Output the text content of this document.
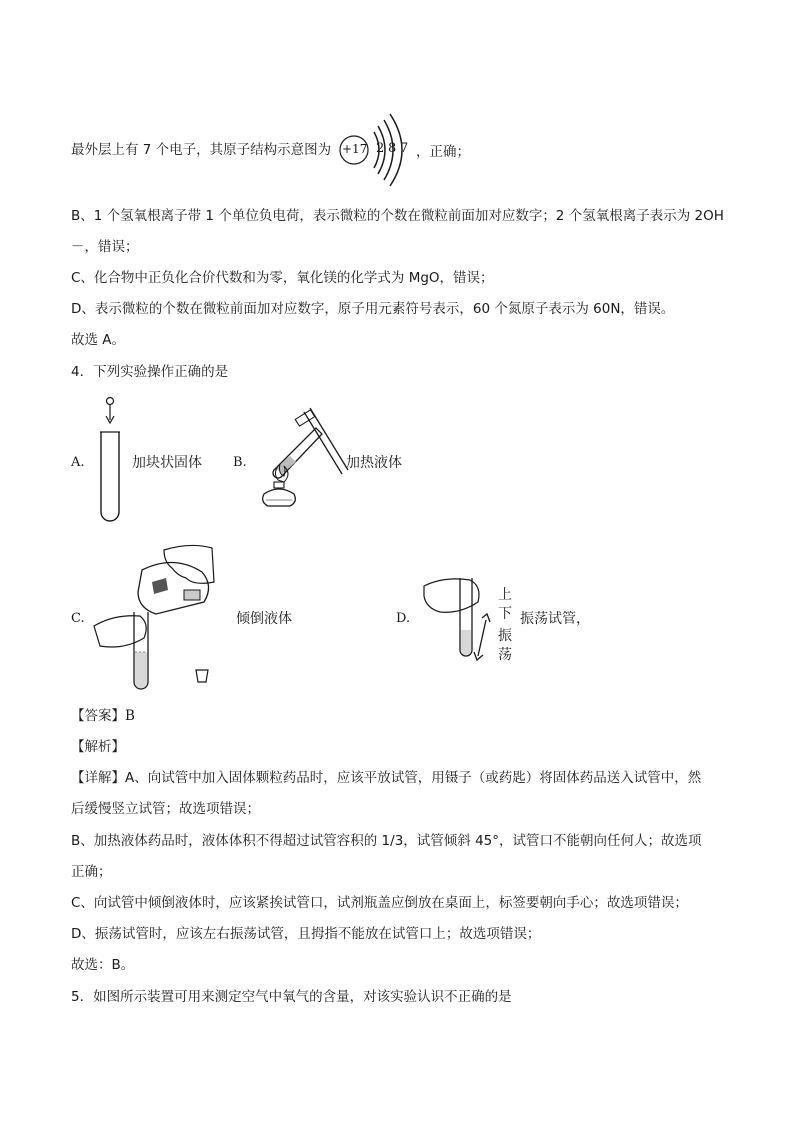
最外层上有 7 个电子，其原子结构示意图为 +17 2 8 7 ，正确；
B、1 个氢氧根离子带 1 个单位负电荷，表示微粒的个数在微粒前面加对应数字；2 个氢氧根离子表示为 2OH
－，错误；
C、化合物中正负化合价代数和为零，氧化镁的化学式为 MgO，错误；
D、表示微粒的个数在微粒前面加对应数字，原子用元素符号表示，60 个氮原子表示为 60N，错误。
故选 A。
4．下列实验操作正确的是
A.	加块状固体 B.	加热液体
C.	倾倒液体	D.
上
下
振
荡
振荡试管，
【答案】B
【解析】
【详解】A、向试管中加入固体颗粒药品时，应该平放试管，用镊子（或药匙）将固体药品送入试管中，然
后缓慢竖立试管；故选项错误；
B、加热液体药品时，液体体积不得超过试管容积的 1/3，试管倾斜 45°，试管口不能朝向任何人；故选项
正确；
C、向试管中倾倒液体时，应该紧挨试管口，试剂瓶盖应倒放在桌面上，标签要朝向手心；故选项错误；
D、振荡试管时，应该左右振荡试管，且拇指不能放在试管口上；故选项错误；
故选：B。
5．如图所示装置可用来测定空气中氧气的含量，对该实验认识不正确的是
